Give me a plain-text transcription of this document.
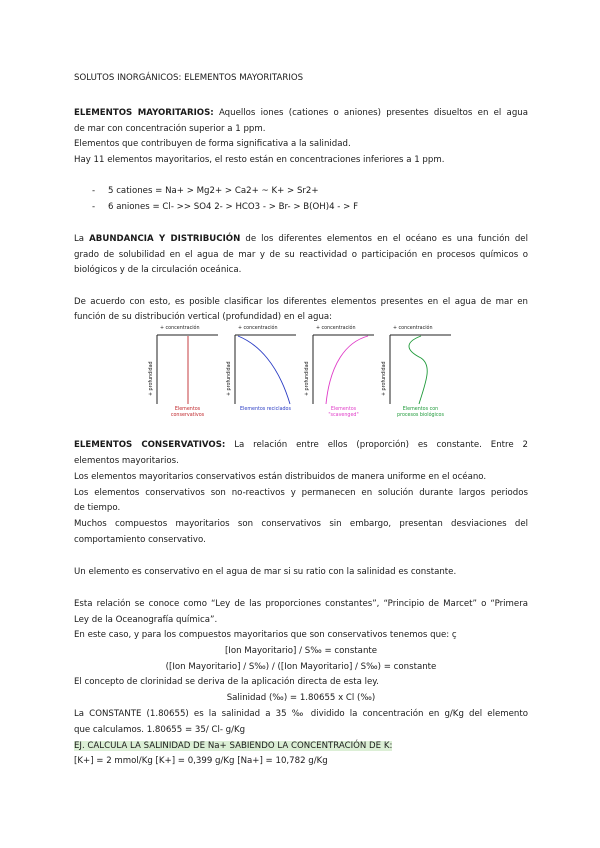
SOLUTOS INORGÁNICOS: ELEMENTOS MAYORITARIOS
ELEMENTOS MAYORITARIOS: Aquellos iones (cationes o aniones) presentes disueltos en el agua
de mar con concentración superior a 1 ppm.
Elementos que contribuyen de forma significativa a la salinidad.
Hay 11 elementos mayoritarios, el resto están en concentraciones inferiores a 1 ppm.
- 5 cationes = Na+ > Mg2+ > Ca2+ ~ K+ > Sr2+
- 6 aniones = Cl- >> SO4 2- > HCO3 - > Br- > B(OH)4 - > F
La ABUNDANCIA Y DISTRIBUCIÓN de los diferentes elementos en el océano es una función del
grado de solubilidad en el agua de mar y de su reactividad o participación en procesos químicos o
biológicos y de la circulación oceánica.
De acuerdo con esto, es posible clasificar los diferentes elementos presentes en el agua de mar en
función de su distribución vertical (profundidad) en el agua:
+ concentración
+ profundidad
Elementos conservativos
+ concentración
+ profundidad
Elementos reciclados
+ concentración
+ profundidad
Elementos "scavenged"
+ concentración
+ profundidad
Elementos con procesos biológicos
ELEMENTOS CONSERVATIVOS: La relación entre ellos (proporción) es constante. Entre 2
elementos mayoritarios.
Los elementos mayoritarios conservativos están distribuidos de manera uniforme en el océano.
Los elementos conservativos son no-reactivos y permanecen en solución durante largos periodos
de tiempo.
Muchos compuestos mayoritarios son conservativos sin embargo, presentan desviaciones del
comportamiento conservativo.
Un elemento es conservativo en el agua de mar si su ratio con la salinidad es constante.
Esta relación se conoce como “Ley de las proporciones constantes”, “Principio de Marcet” o “Primera
Ley de la Oceanografía química”.
En este caso, y para los compuestos mayoritarios que son conservativos tenemos que: ç
[Ion Mayoritario] / S‰ = constante
([Ion Mayoritario] / S‰) / ([Ion Mayoritario] / S‰) = constante
El concepto de clorinidad se deriva de la aplicación directa de esta ley.
Salinidad (‰) = 1.80655 x Cl (‰)
La CONSTANTE (1.80655) es la salinidad a 35 ‰ dividido la concentración en g/Kg del elemento
que calculamos. 1.80655 = 35/ Cl- g/Kg
EJ. CALCULA LA SALINIDAD DE Na+ SABIENDO LA CONCENTRACIÓN DE K:
[K+] = 2 mmol/Kg [K+] = 0,399 g/Kg [Na+] = 10,782 g/Kg
